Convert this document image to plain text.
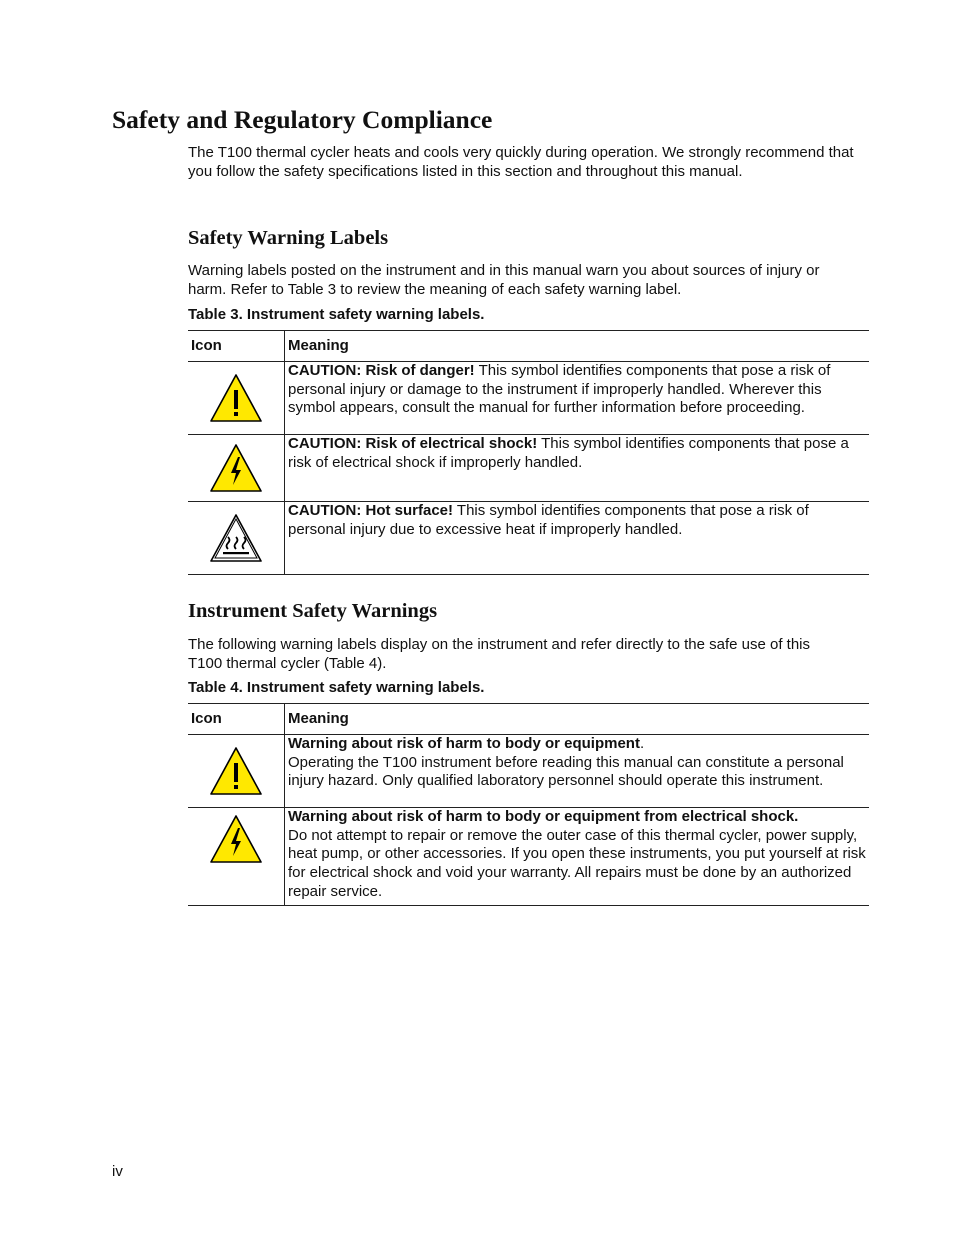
Safety and Regulatory Compliance

The T100 thermal cycler heats and cools very quickly during operation. We strongly recommend that you follow the safety specifications listed in this section and throughout this manual.

Safety Warning Labels

Warning labels posted on the instrument and in this manual warn you about sources of injury or harm. Refer to Table 3 to review the meaning of each safety warning label.

Table 3. Instrument safety warning labels.

Icon	Meaning

	CAUTION: Risk of danger! This symbol identifies components that pose a risk of personal injury or damage to the instrument if improperly handled. Wherever this symbol appears, consult the manual for further information before proceeding.

	CAUTION: Risk of electrical shock! This symbol identifies components that pose a risk of electrical shock if improperly handled.

	CAUTION: Hot surface! This symbol identifies components that pose a risk of personal injury due to excessive heat if improperly handled.
Instrument Safety Warnings

The following warning labels display on the instrument and refer directly to the safe use of this T100 thermal cycler (Table 4).

Table 4. Instrument safety warning labels.

Icon	Meaning

	Warning about risk of harm to body or equipment.
Operating the T100 instrument before reading this manual can constitute a personal injury hazard. Only qualified laboratory personnel should operate this instrument.

	Warning about risk of harm to body or equipment from electrical shock.
Do not attempt to repair or remove the outer case of this thermal cycler, power supply, heat pump, or other accessories. If you open these instruments, you put yourself at risk for electrical shock and void your warranty. All repairs must be done by an authorized repair service.

iv
